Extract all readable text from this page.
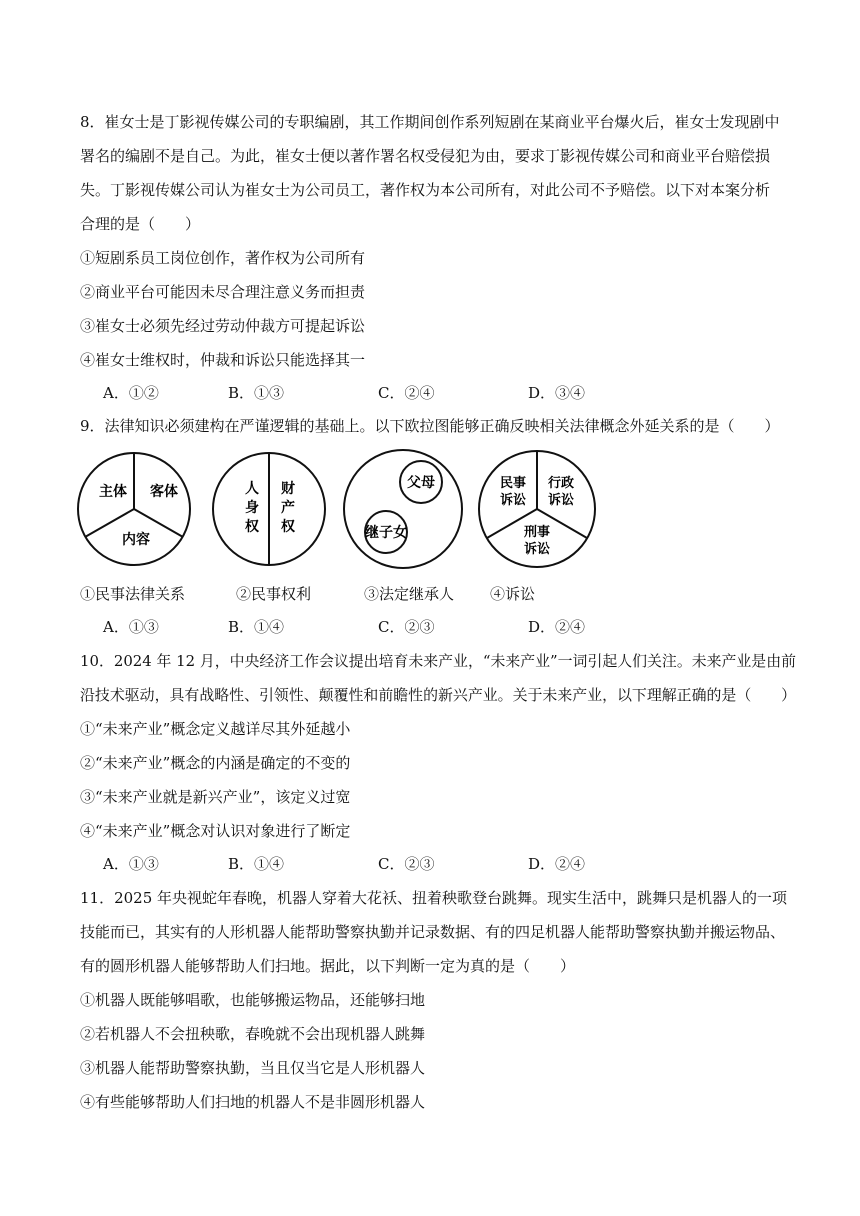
8．崔女士是丁影视传媒公司的专职编剧，其工作期间创作系列短剧在某商业平台爆火后，崔女士发现剧中
署名的编剧不是自己。为此，崔女士便以著作署名权受侵犯为由，要求丁影视传媒公司和商业平台赔偿损
失。丁影视传媒公司认为崔女士为公司员工，著作权为本公司所有，对此公司不予赔偿。以下对本案分析
合理的是（　　）
①短剧系员工岗位创作，著作权为公司所有
②商业平台可能因未尽合理注意义务而担责
③崔女士必须先经过劳动仲裁方可提起诉讼
④崔女士维权时，仲裁和诉讼只能选择其一
A．①②	B．①③	C．②④	D．③④
9．法律知识必须建构在严谨逻辑的基础上。以下欧拉图能够正确反映相关法律概念外延关系的是（　　）
主体 客体
内容
人
身
权
财
产
权
父母
继子女
民事
诉讼
行政
诉讼
刑事
诉讼
①民事法律关系	②民事权利	③法定继承人 ④诉讼
A．①③	B．①④	C．②③	D．②④
10．2024 年 12 月，中央经济工作会议提出培育未来产业，“未来产业”一词引起人们关注。未来产业是由前
沿技术驱动，具有战略性、引领性、颠覆性和前瞻性的新兴产业。关于未来产业，以下理解正确的是（　　）
①“未来产业”概念定义越详尽其外延越小
②“未来产业”概念的内涵是确定的不变的
③“未来产业就是新兴产业”，该定义过宽
④“未来产业”概念对认识对象进行了断定
A．①③	B．①④	C．②③	D．②④
11．2025 年央视蛇年春晚，机器人穿着大花袄、扭着秧歌登台跳舞。现实生活中，跳舞只是机器人的一项
技能而已，其实有的人形机器人能帮助警察执勤并记录数据、有的四足机器人能帮助警察执勤并搬运物品、
有的圆形机器人能够帮助人们扫地。据此，以下判断一定为真的是（　　）
①机器人既能够唱歌，也能够搬运物品，还能够扫地
②若机器人不会扭秧歌，春晚就不会出现机器人跳舞
③机器人能帮助警察执勤，当且仅当它是人形机器人
④有些能够帮助人们扫地的机器人不是非圆形机器人
